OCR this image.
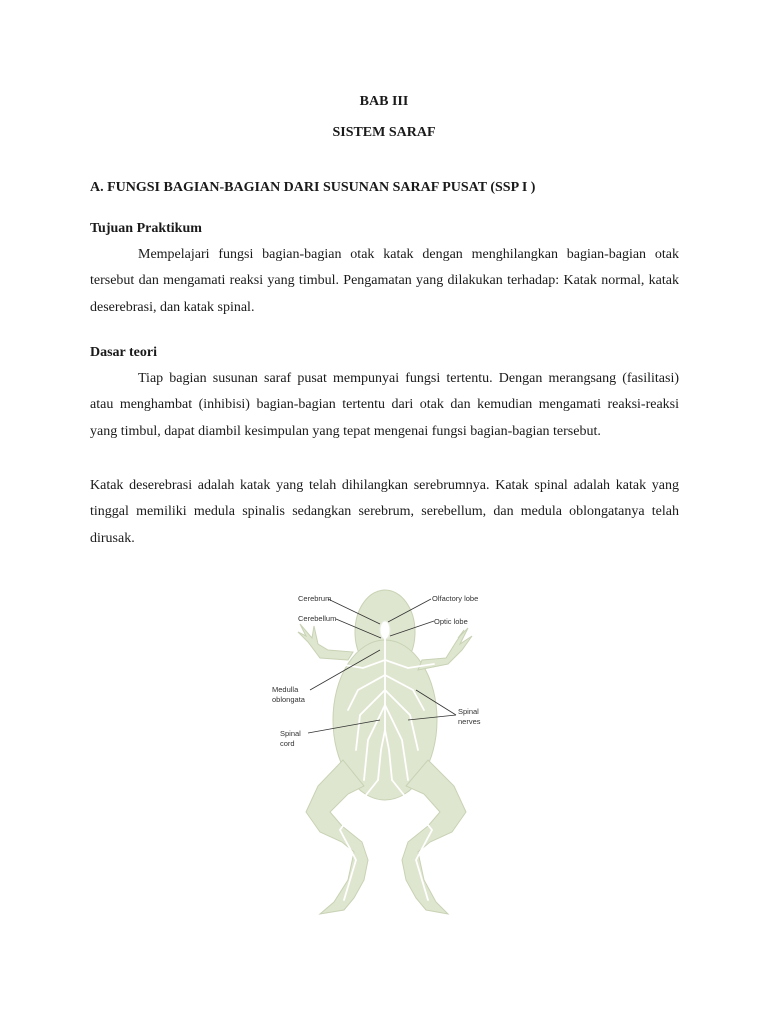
BAB III
SISTEM SARAF
A. FUNGSI BAGIAN-BAGIAN DARI SUSUNAN SARAF PUSAT (SSP I )
Tujuan Praktikum
Mempelajari fungsi bagian-bagian otak katak dengan menghilangkan bagian-bagian otak tersebut dan mengamati reaksi yang timbul. Pengamatan yang dilakukan terhadap: Katak normal, katak deserebrasi, dan katak spinal.
Dasar teori
Tiap bagian susunan saraf pusat mempunyai fungsi tertentu. Dengan merangsang (fasilitasi) atau menghambat (inhibisi) bagian-bagian tertentu dari otak dan kemudian mengamati reaksi-reaksi yang timbul, dapat diambil kesimpulan yang tepat mengenai fungsi bagian-bagian tersebut.
Katak deserebrasi adalah katak yang telah dihilangkan serebrumnya. Katak spinal adalah katak yang tinggal memiliki medula spinalis sedangkan serebrum, serebellum, dan medula oblongatanya telah dirusak.
Cerebrum
Cerebellum
Olfactory lobe
Optic lobe
Medulla
oblongata
Spinal
nerves
Spinal
cord
